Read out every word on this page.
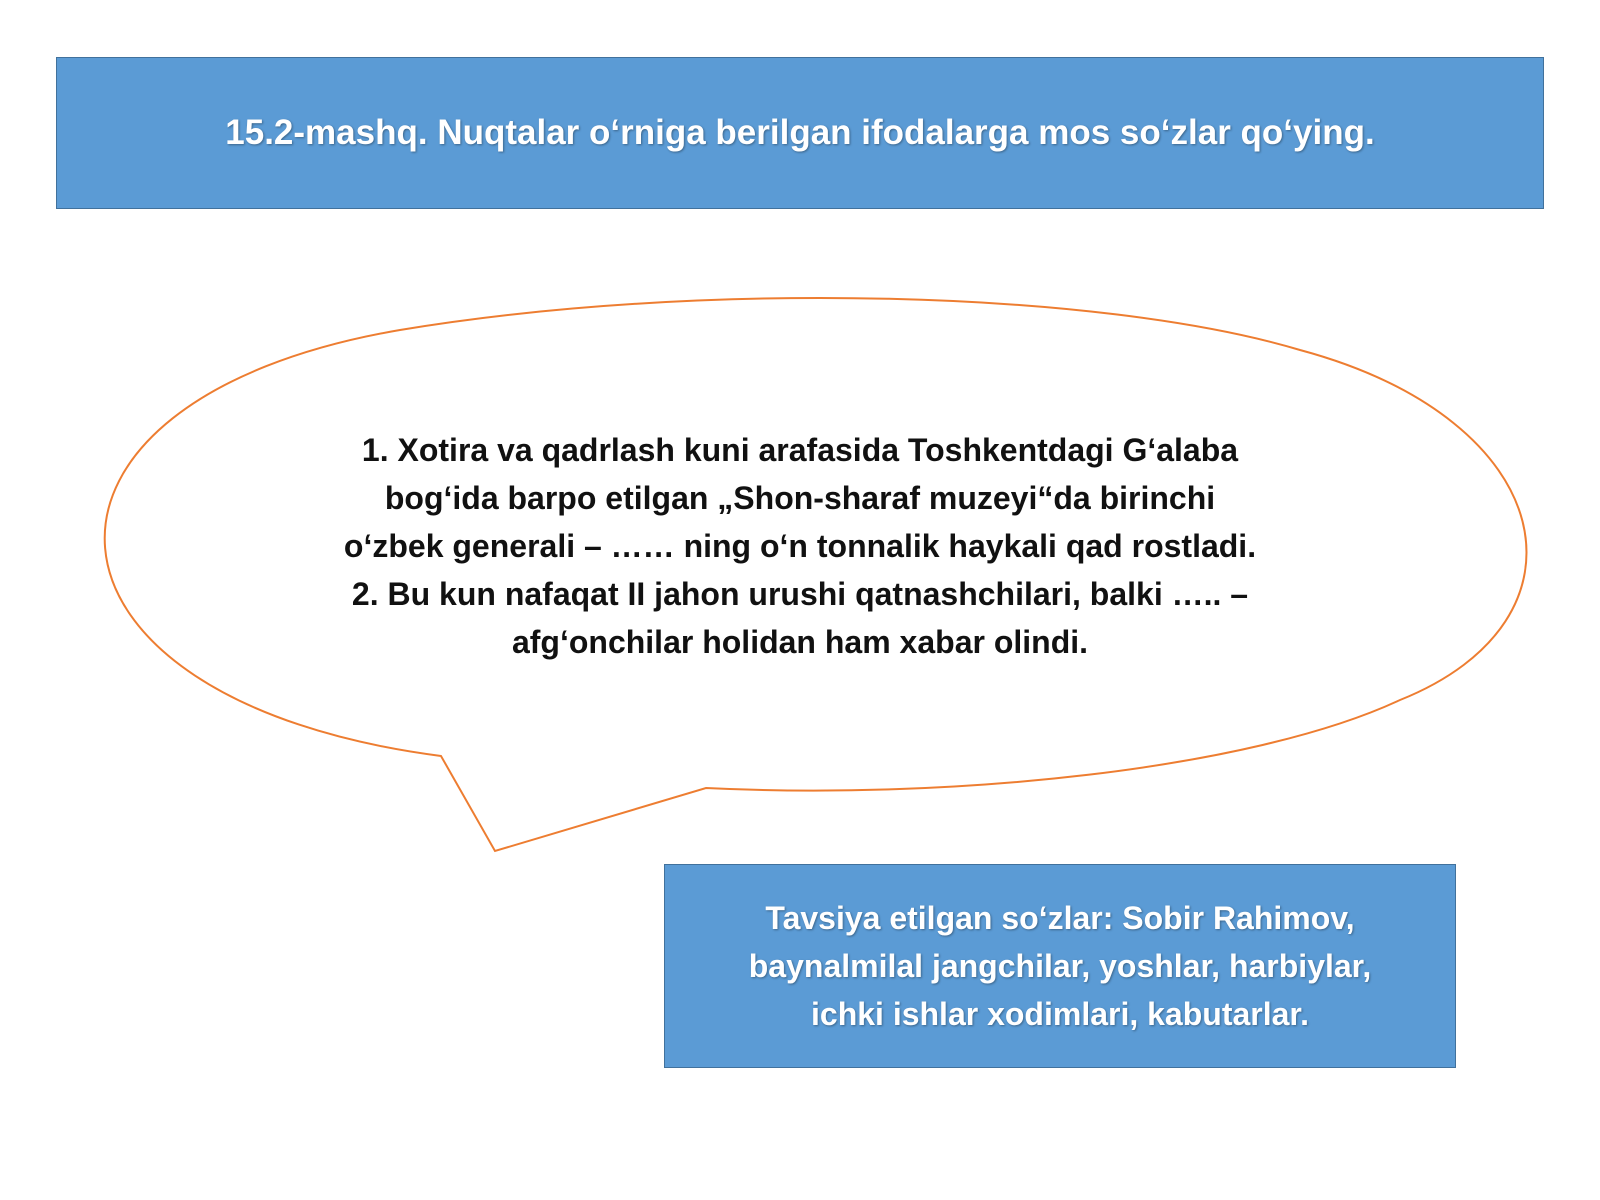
15.2-mashq. Nuqtalar o‘rniga berilgan ifodalarga mos so‘zlar qo‘ying.

1. Xotira va qadrlash kuni arafasida Toshkentdagi G‘alaba

bog‘ida barpo etilgan „Shon-sharaf muzeyi“da birinchi

o‘zbek generali – …… ning o‘n tonnalik haykali qad rostladi.

2. Bu kun nafaqat II jahon urushi qatnashchilari, balki ….. –

afg‘onchilar holidan ham xabar olindi.

Tavsiya etilgan so‘zlar: Sobir Rahimov,

baynalmilal jangchilar, yoshlar, harbiylar,

ichki ishlar xodimlari, kabutarlar.
